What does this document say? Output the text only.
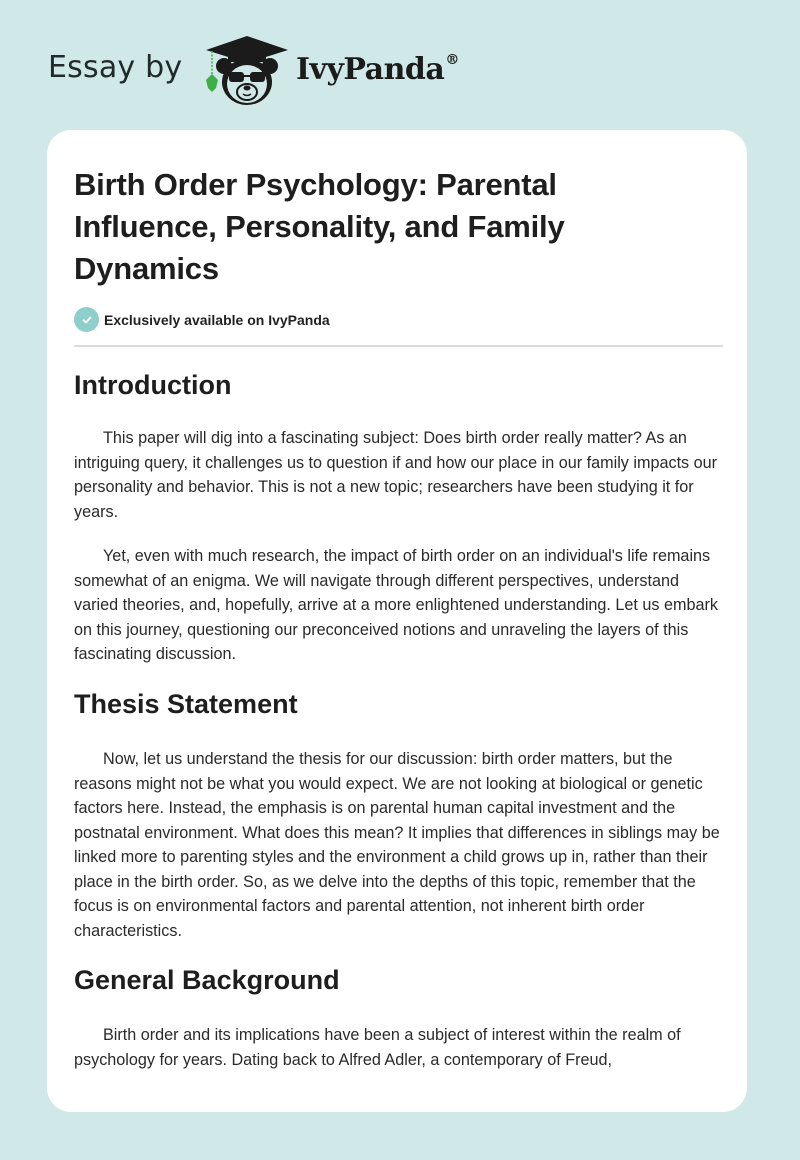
Essay by	IvyPanda®
Birth Order Psychology: Parental Influence, Personality, and Family Dynamics
Exclusively available on IvyPanda
Introduction

This paper will dig into a fascinating subject: Does birth order really matter? As an intriguing query, it challenges us to question if and how our place in our family impacts our personality and behavior. This is not a new topic; researchers have been studying it for years.

Yet, even with much research, the impact of birth order on an individual's life remains somewhat of an enigma. We will navigate through different perspectives, understand varied theories, and, hopefully, arrive at a more enlightened understanding. Let us embark on this journey, questioning our preconceived notions and unraveling the layers of this fascinating discussion.

Thesis Statement

Now, let us understand the thesis for our discussion: birth order matters, but the reasons might not be what you would expect. We are not looking at biological or genetic factors here. Instead, the emphasis is on parental human capital investment and the postnatal environment. What does this mean? It implies that differences in siblings may be linked more to parenting styles and the environment a child grows up in, rather than their place in the birth order. So, as we delve into the depths of this topic, remember that the focus is on environmental factors and parental attention, not inherent birth order characteristics.

General Background

Birth order and its implications have been a subject of interest within the realm of psychology for years. Dating back to Alfred Adler, a contemporary of Freud,
